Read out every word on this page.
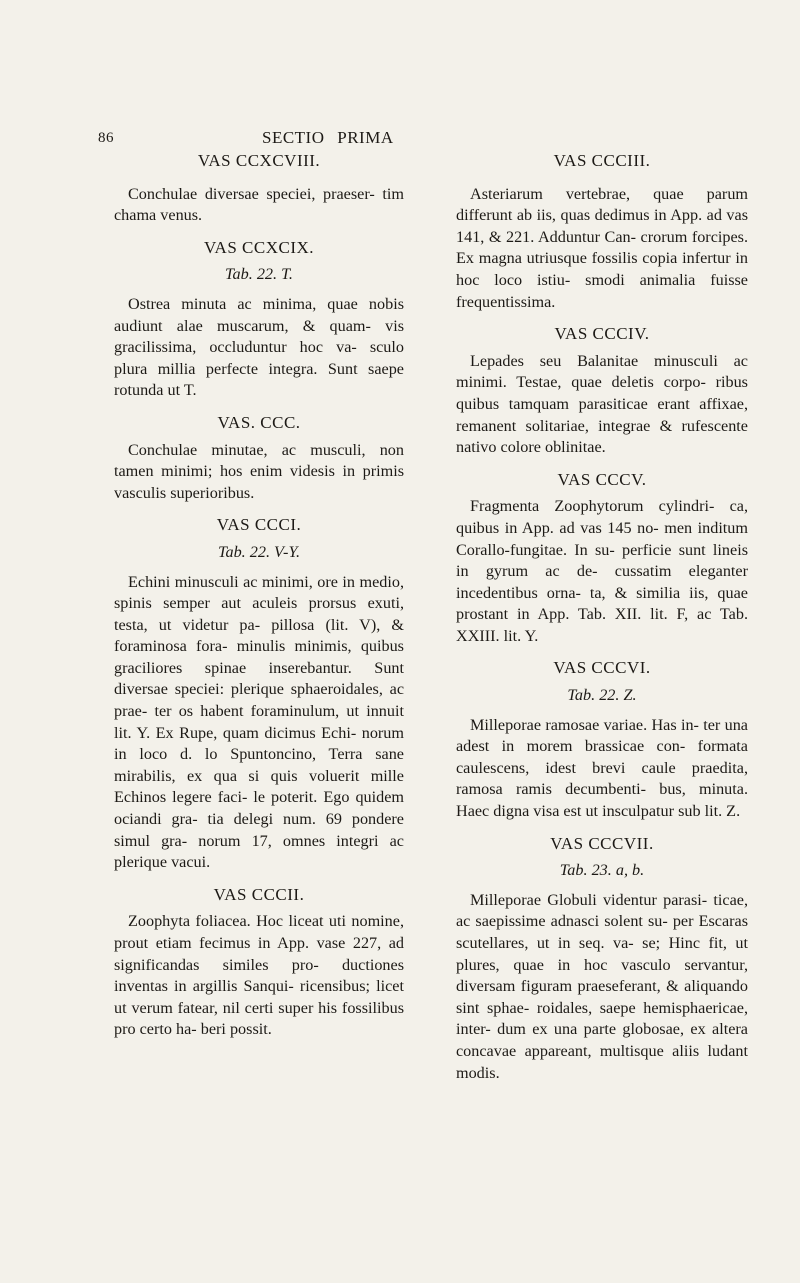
86	SECTIO PRIMA
VAS CCXCVIII.

Conchulae diversae speciei, praeser- tim chama venus.

VAS CCXCIX.
Tab. 22. T.

Ostrea minuta ac minima, quae nobis audiunt alae muscarum, & quam- vis gracilissima, occluduntur hoc va- sculo plura millia perfecte integra. Sunt saepe rotunda ut T.

VAS. CCC.

Conchulae minutae, ac musculi, non tamen minimi; hos enim videsis in primis vasculis superioribus.

VAS CCCI.
Tab. 22. V-Y.

Echini minusculi ac minimi, ore in medio, spinis semper aut aculeis prorsus exuti, testa, ut videtur pa- pillosa (lit. V), & foraminosa fora- minulis minimis, quibus graciliores spinae inserebantur. Sunt diversae speciei: plerique sphaeroidales, ac prae- ter os habent foraminulum, ut innuit lit. Y. Ex Rupe, quam dicimus Echi- norum in loco d. lo Spuntoncino, Terra sane mirabilis, ex qua si quis voluerit mille Echinos legere faci- le poterit. Ego quidem ociandi gra- tia delegi num. 69 pondere simul gra- norum 17, omnes integri ac plerique vacui.

VAS CCCII.

Zoophyta foliacea. Hoc liceat uti nomine, prout etiam fecimus in App. vase 227, ad significandas similes pro- ductiones inventas in argillis Sanqui- ricensibus; licet ut verum fatear, nil certi super his fossilibus pro certo ha- beri possit.

VAS CCCIII.

Asteriarum vertebrae, quae parum differunt ab iis, quas dedimus in App. ad vas 141, & 221. Adduntur Can- crorum forcipes. Ex magna utriusque fossilis copia infertur in hoc loco istiu- smodi animalia fuisse frequentissima.

VAS CCCIV.

Lepades seu Balanitae minusculi ac minimi. Testae, quae deletis corpo- ribus quibus tamquam parasiticae erant affixae, remanent solitariae, integrae & rufescente nativo colore oblinitae.

VAS CCCV.

Fragmenta Zoophytorum cylindri- ca, quibus in App. ad vas 145 no- men inditum Corallo-fungitae. In su- perficie sunt lineis in gyrum ac de- cussatim eleganter incedentibus orna- ta, & similia iis, quae prostant in App. Tab. XII. lit. F, ac Tab. XXIII. lit. Y.

VAS CCCVI.
Tab. 22. Z.

Milleporae ramosae variae. Has in- ter una adest in morem brassicae con- formata caulescens, idest brevi caule praedita, ramosa ramis decumbenti- bus, minuta. Haec digna visa est ut insculpatur sub lit. Z.

VAS CCCVII.
Tab. 23. a, b.

Milleporae Globuli videntur parasi- ticae, ac saepissime adnasci solent su- per Escaras scutellares, ut in seq. va- se; Hinc fit, ut plures, quae in hoc vasculo servantur, diversam figuram praeseferant, & aliquando sint sphae- roidales, saepe hemisphaericae, inter- dum ex una parte globosae, ex altera concavae appareant, multisque aliis ludant modis.
